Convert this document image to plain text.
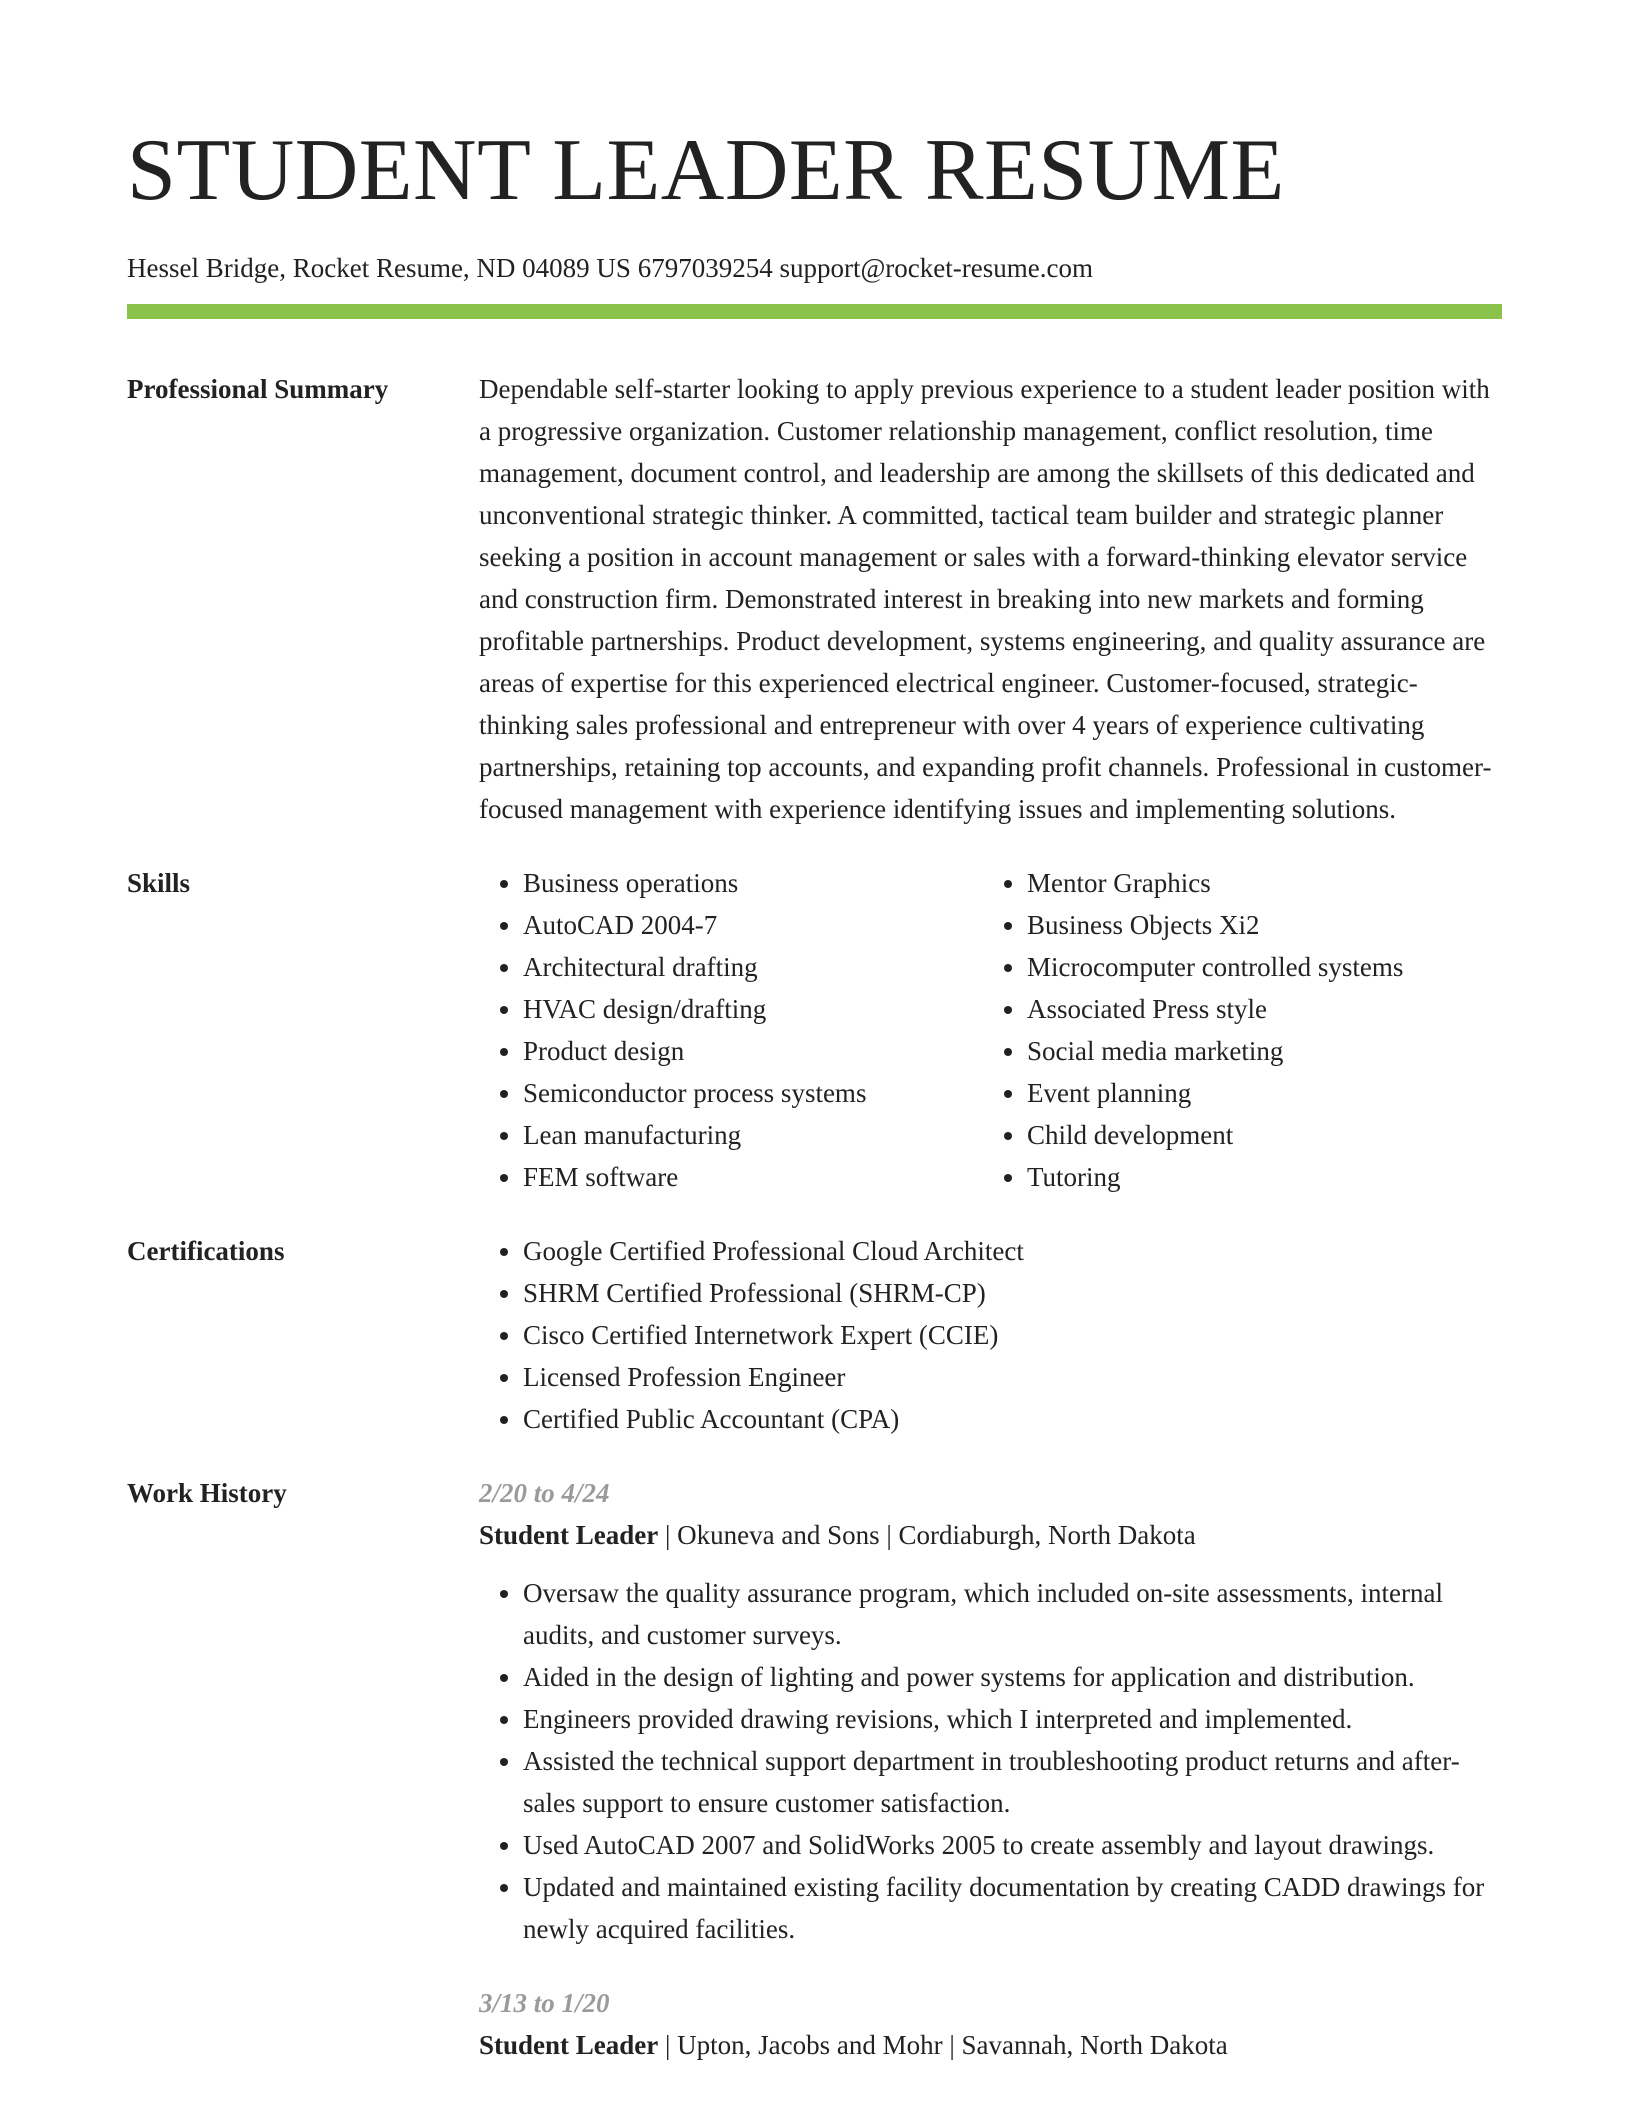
STUDENT LEADER RESUME
Hessel Bridge, Rocket Resume, ND 04089 US 6797039254 support@rocket-resume.com
Professional Summary	Dependable self-starter looking to apply previous experience to a student leader position with a progressive organization. Customer relationship management, conflict resolution, time management, document control, and leadership are among the skillsets of this dedicated and unconventional strategic thinker. A committed, tactical team builder and strategic planner seeking a position in account management or sales with a forward-thinking elevator service and construction firm. Demonstrated interest in breaking into new markets and forming profitable partnerships. Product development, systems engineering, and quality assurance are areas of expertise for this experienced electrical engineer. Customer-focused, strategic-thinking sales professional and entrepreneur with over 4 years of experience cultivating partnerships, retaining top accounts, and expanding profit channels. Professional in customer-focused management with experience identifying issues and implementing solutions.
Skills	• Business operations
• AutoCAD 2004-7
• Architectural drafting
• HVAC design/drafting
• Product design
• Semiconductor process systems
• Lean manufacturing
• FEM software
• Mentor Graphics
• Business Objects Xi2
• Microcomputer controlled systems
• Associated Press style
• Social media marketing
• Event planning
• Child development
• Tutoring
Certifications	• Google Certified Professional Cloud Architect
• SHRM Certified Professional (SHRM-CP)
• Cisco Certified Internetwork Expert (CCIE)
• Licensed Profession Engineer
• Certified Public Accountant (CPA)
Work History	2/20 to 4/24
Student Leader | Okuneva and Sons | Cordiaburgh, North Dakota
• Oversaw the quality assurance program, which included on-site assessments, internal audits, and customer surveys.
• Aided in the design of lighting and power systems for application and distribution.
• Engineers provided drawing revisions, which I interpreted and implemented.
• Assisted the technical support department in troubleshooting product returns and after-sales support to ensure customer satisfaction.
• Used AutoCAD 2007 and SolidWorks 2005 to create assembly and layout drawings.
• Updated and maintained existing facility documentation by creating CADD drawings for newly acquired facilities.
3/13 to 1/20
Student Leader | Upton, Jacobs and Mohr | Savannah, North Dakota
